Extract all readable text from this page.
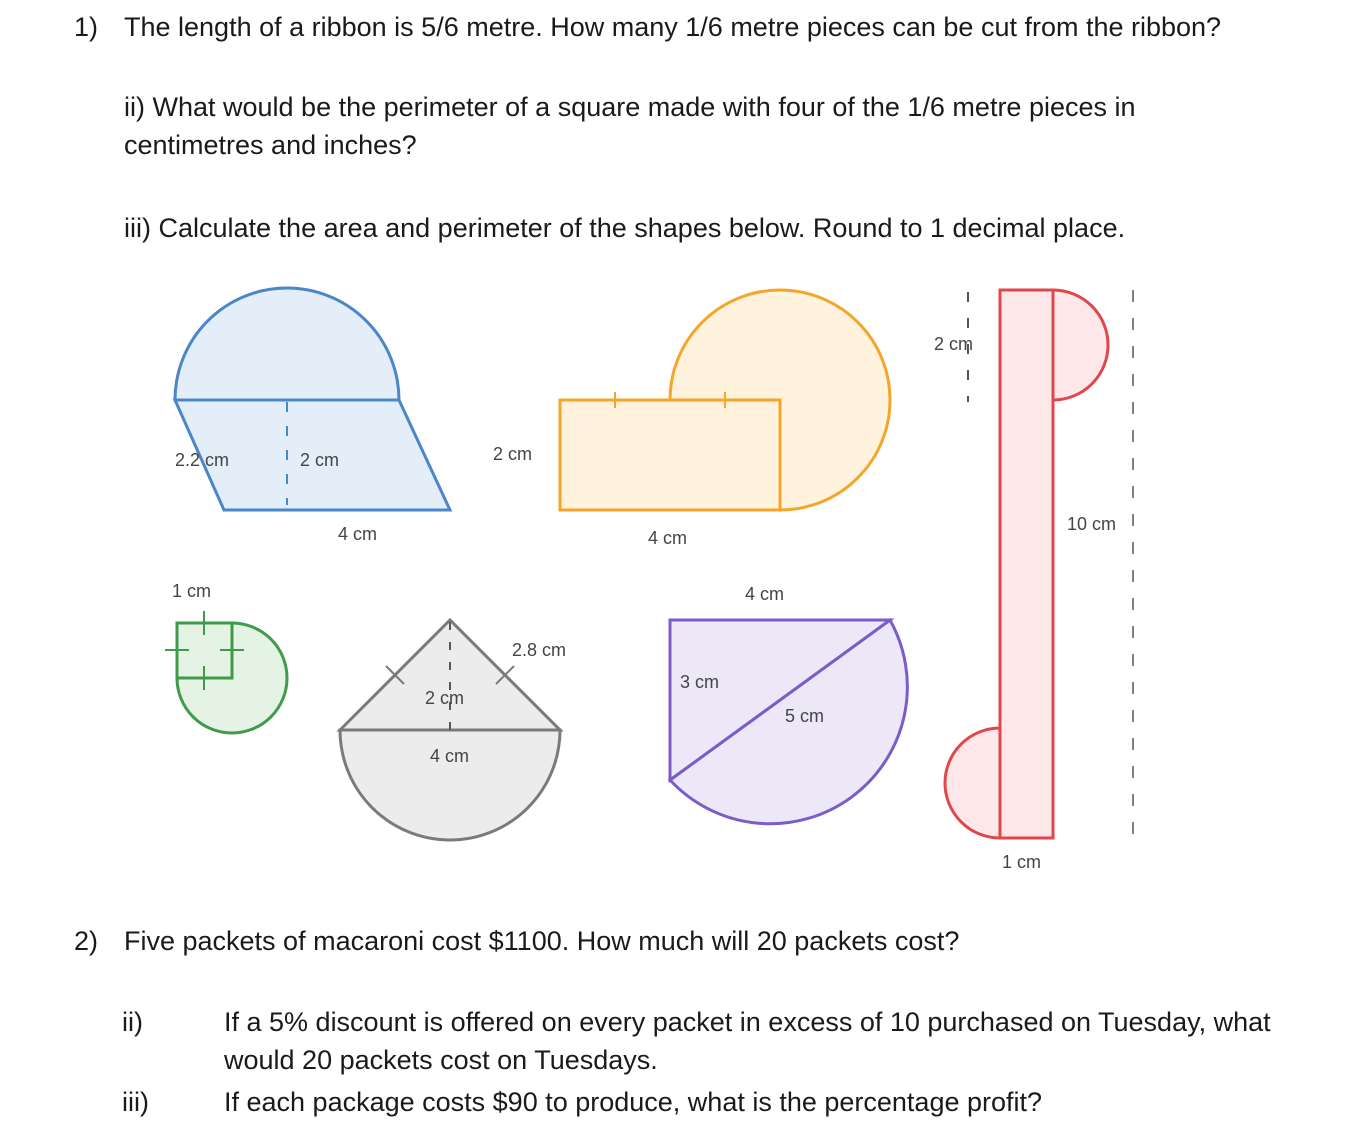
1) The length of a ribbon is 5/6 metre. How many 1/6 metre pieces can be cut from the ribbon?

ii) What would be the perimeter of a square made with four of the 1/6 metre pieces in centimetres and inches?

iii) Calculate the area and perimeter of the shapes below. Round to 1 decimal place.

2.2 cm	2 cm
4 cm
2 cm
4 cm
2 cm
10 cm
1 cm
1 cm
2.8 cm
2 cm
4 cm
4 cm
3 cm
5 cm
2) Five packets of macaroni cost $1100. How much will 20 packets cost?

ii)	If a 5% discount is offered on every packet in excess of 10 purchased on Tuesday, what would 20 packets cost on Tuesdays.

iii)	If each package costs $90 to produce, what is the percentage profit?
